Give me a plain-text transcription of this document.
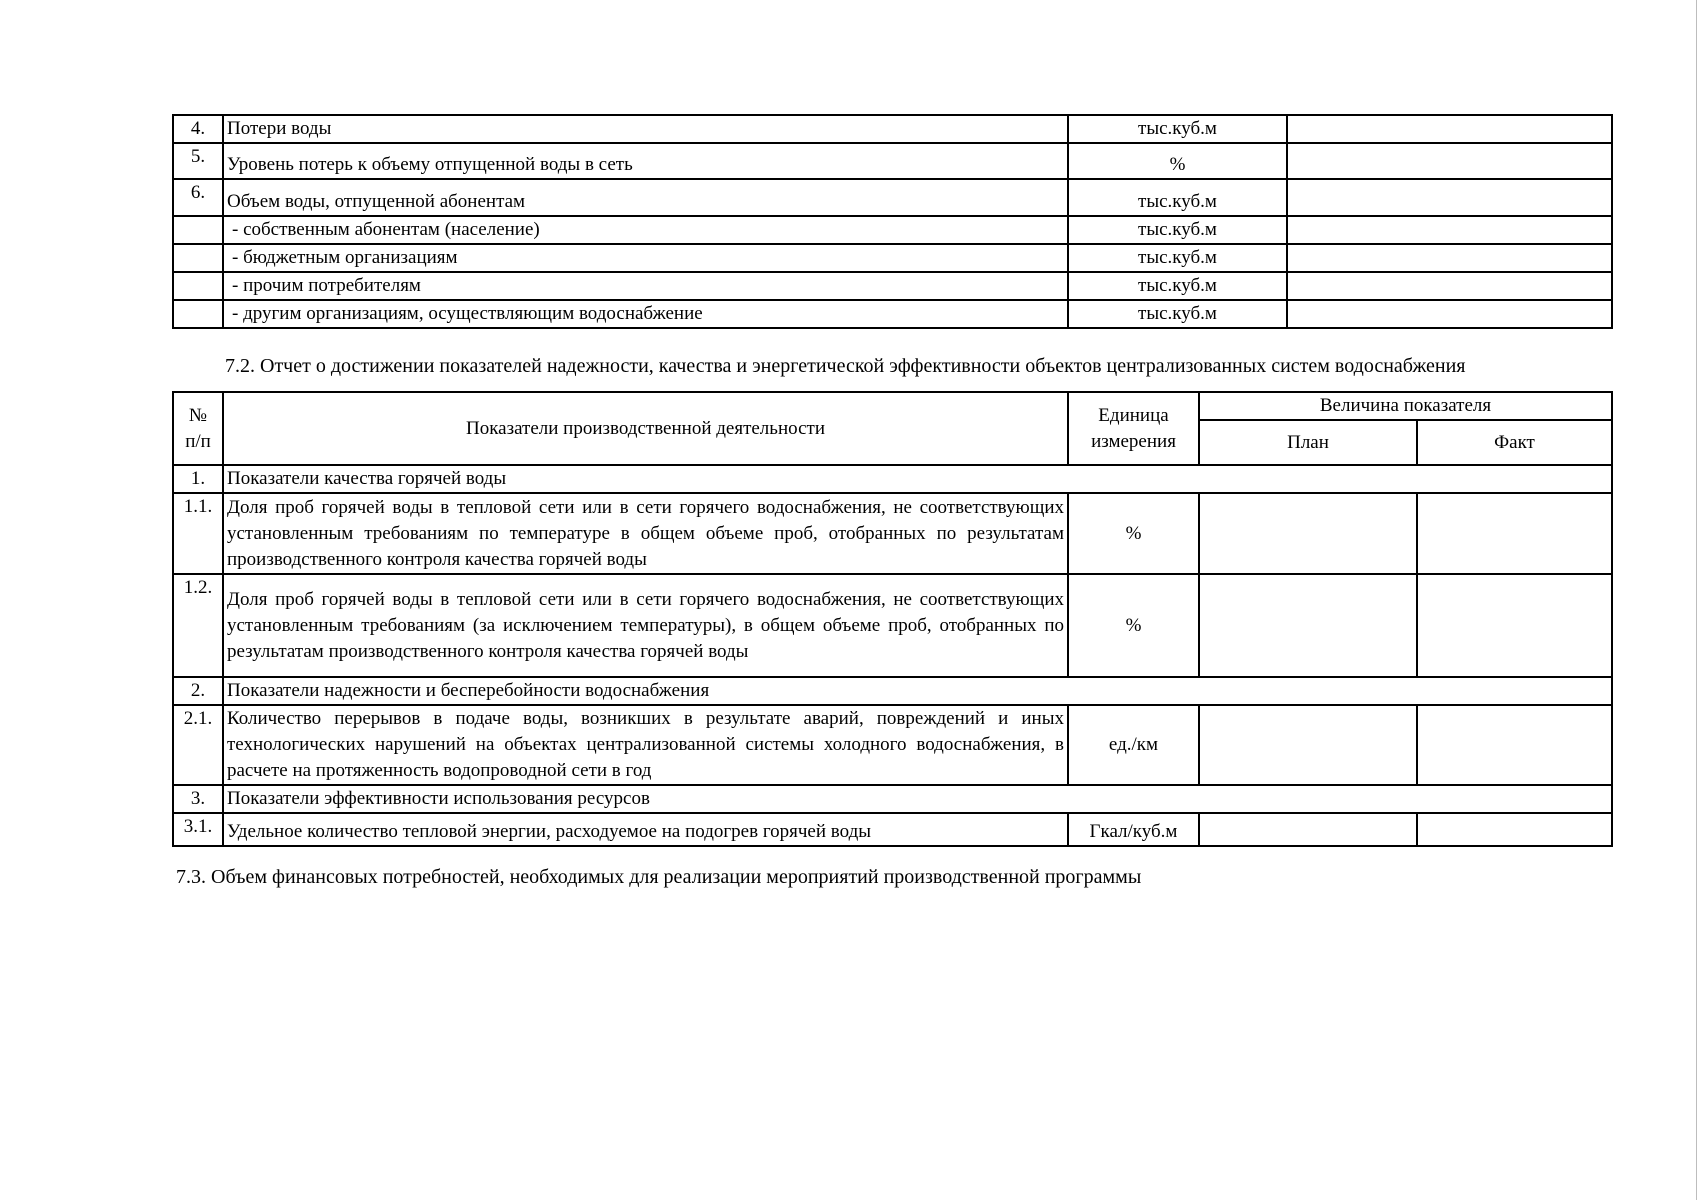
4.	Потери воды	тыс.куб.м	
5.	Уровень потерь к объему отпущенной воды в сеть	%	
6.	Объем воды, отпущенной абонентам	тыс.куб.м	
	- собственным абонентам (население)	тыс.куб.м	
	- бюджетным организациям	тыс.куб.м	
	- прочим потребителям	тыс.куб.м	
	- другим организациям, осуществляющим водоснабжение	тыс.куб.м	
7.2. Отчет о достижении показателей надежности, качества и энергетической эффективности объектов централизованных систем водоснабжения
№ п/п	Показатели производственной деятельности	Единица измерения	Величина показателя	
			План	Факт
1.	Показатели качества горячей воды			
1.1.	Доля проб горячей воды в тепловой сети или в сети горячего водоснабжения, не соответствующих установленным требованиям по температуре в общем объеме проб, отобранных по результатам производственного контроля качества горячей воды	%		
1.2.	Доля проб горячей воды в тепловой сети или в сети горячего водоснабжения, не соответствующих установленным требованиям (за исключением температуры), в общем объеме проб, отобранных по результатам производственного контроля качества горячей воды	%		
2.	Показатели надежности и бесперебойности водоснабжения			
2.1.	Количество перерывов в подаче воды, возникших в результате аварий, повреждений и иных технологических нарушений на объектах централизованной системы холодного водоснабжения, в расчете на протяженность водопроводной сети в год	ед./км		
3.	Показатели эффективности использования ресурсов			
3.1.	Удельное количество тепловой энергии, расходуемое на подогрев горячей воды	Гкал/куб.м		
7.3. Объем финансовых потребностей, необходимых для реализации мероприятий производственной программы
